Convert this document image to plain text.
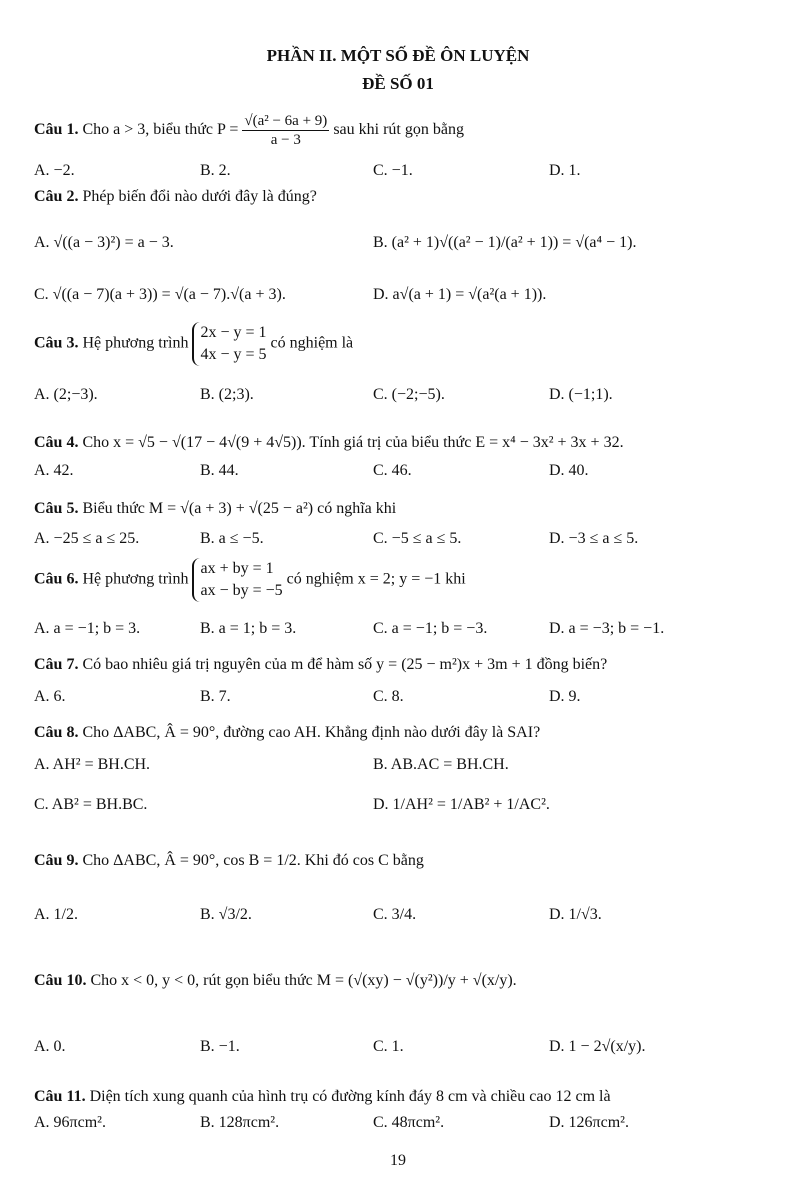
PHẦN II. MỘT SỐ ĐỀ ÔN LUYỆN
ĐỀ SỐ 01
Câu 1. Cho a > 3, biểu thức $P = \frac{\text{√(a² − 6a + 9)}}{a - 3}$ sau khi rút gọn bằng
A. −2.	B. 2.	C. −1.	D. 1.
Câu 2. Phép biến đổi nào dưới đây là đúng?
A. √((a − 3)²) = a − 3.	B. (a² + 1)√((a² − 1)/(a² + 1)) = √(a⁴ − 1).
C. √((a − 7)(a + 3)) = √(a − 7).√(a + 3).	D. a√(a + 1) = √(a²(a + 1)).
Câu 3. Hệ phương trình
2x − y = 1
4x − y = 5
có nghiệm là
A. (2;−3).	B. (2;3).	C. (−2;−5).	D. (−1;1).
Câu 4. Cho x = √5 − √(17 − 4√(9 + 4√5)). Tính giá trị của biểu thức E = x⁴ − 3x² + 3x + 32.
A. 42.	B. 44.	C. 46.	D. 40.
Câu 5. Biểu thức M = √(a + 3) + √(25 − a²) có nghĩa khi
A. −25 ≤ a ≤ 25.	B. a ≤ −5.	C. −5 ≤ a ≤ 5.	D. −3 ≤ a ≤ 5.
Câu 6. Hệ phương trình
ax + by = 1
ax − by = −5
có nghiệm x = 2; y = −1 khi
A. a = −1; b = 3.	B. a = 1; b = 3.	C. a = −1; b = −3.	D. a = −3; b = −1.
Câu 7. Có bao nhiêu giá trị nguyên của m để hàm số y = (25 − m²)x + 3m + 1 đồng biến?
A. 6.	B. 7.	C. 8.	D. 9.
Câu 8. Cho ΔABC, Â = 90°, đường cao AH. Khẳng định nào dưới đây là SAI?
A. AH² = BH.CH.	B. AB.AC = BH.CH.
C. AB² = BH.BC.	D. 1/AH² = 1/AB² + 1/AC².
Câu 9. Cho ΔABC, Â = 90°, cos B = 1/2. Khi đó cos C bằng
A. 1/2.	B. √3/2.	C. 3/4.	D. 1/√3.
Câu 10. Cho x < 0, y < 0, rút gọn biểu thức M = (√(xy) − √(y²))/y + √(x/y).
A. 0.	B. −1.	C. 1.	D. 1 − 2√(x/y).
Câu 11. Diện tích xung quanh của hình trụ có đường kính đáy 8 cm và chiều cao 12 cm là
A. 96πcm².	B. 128πcm².	C. 48πcm².	D. 126πcm².
19
